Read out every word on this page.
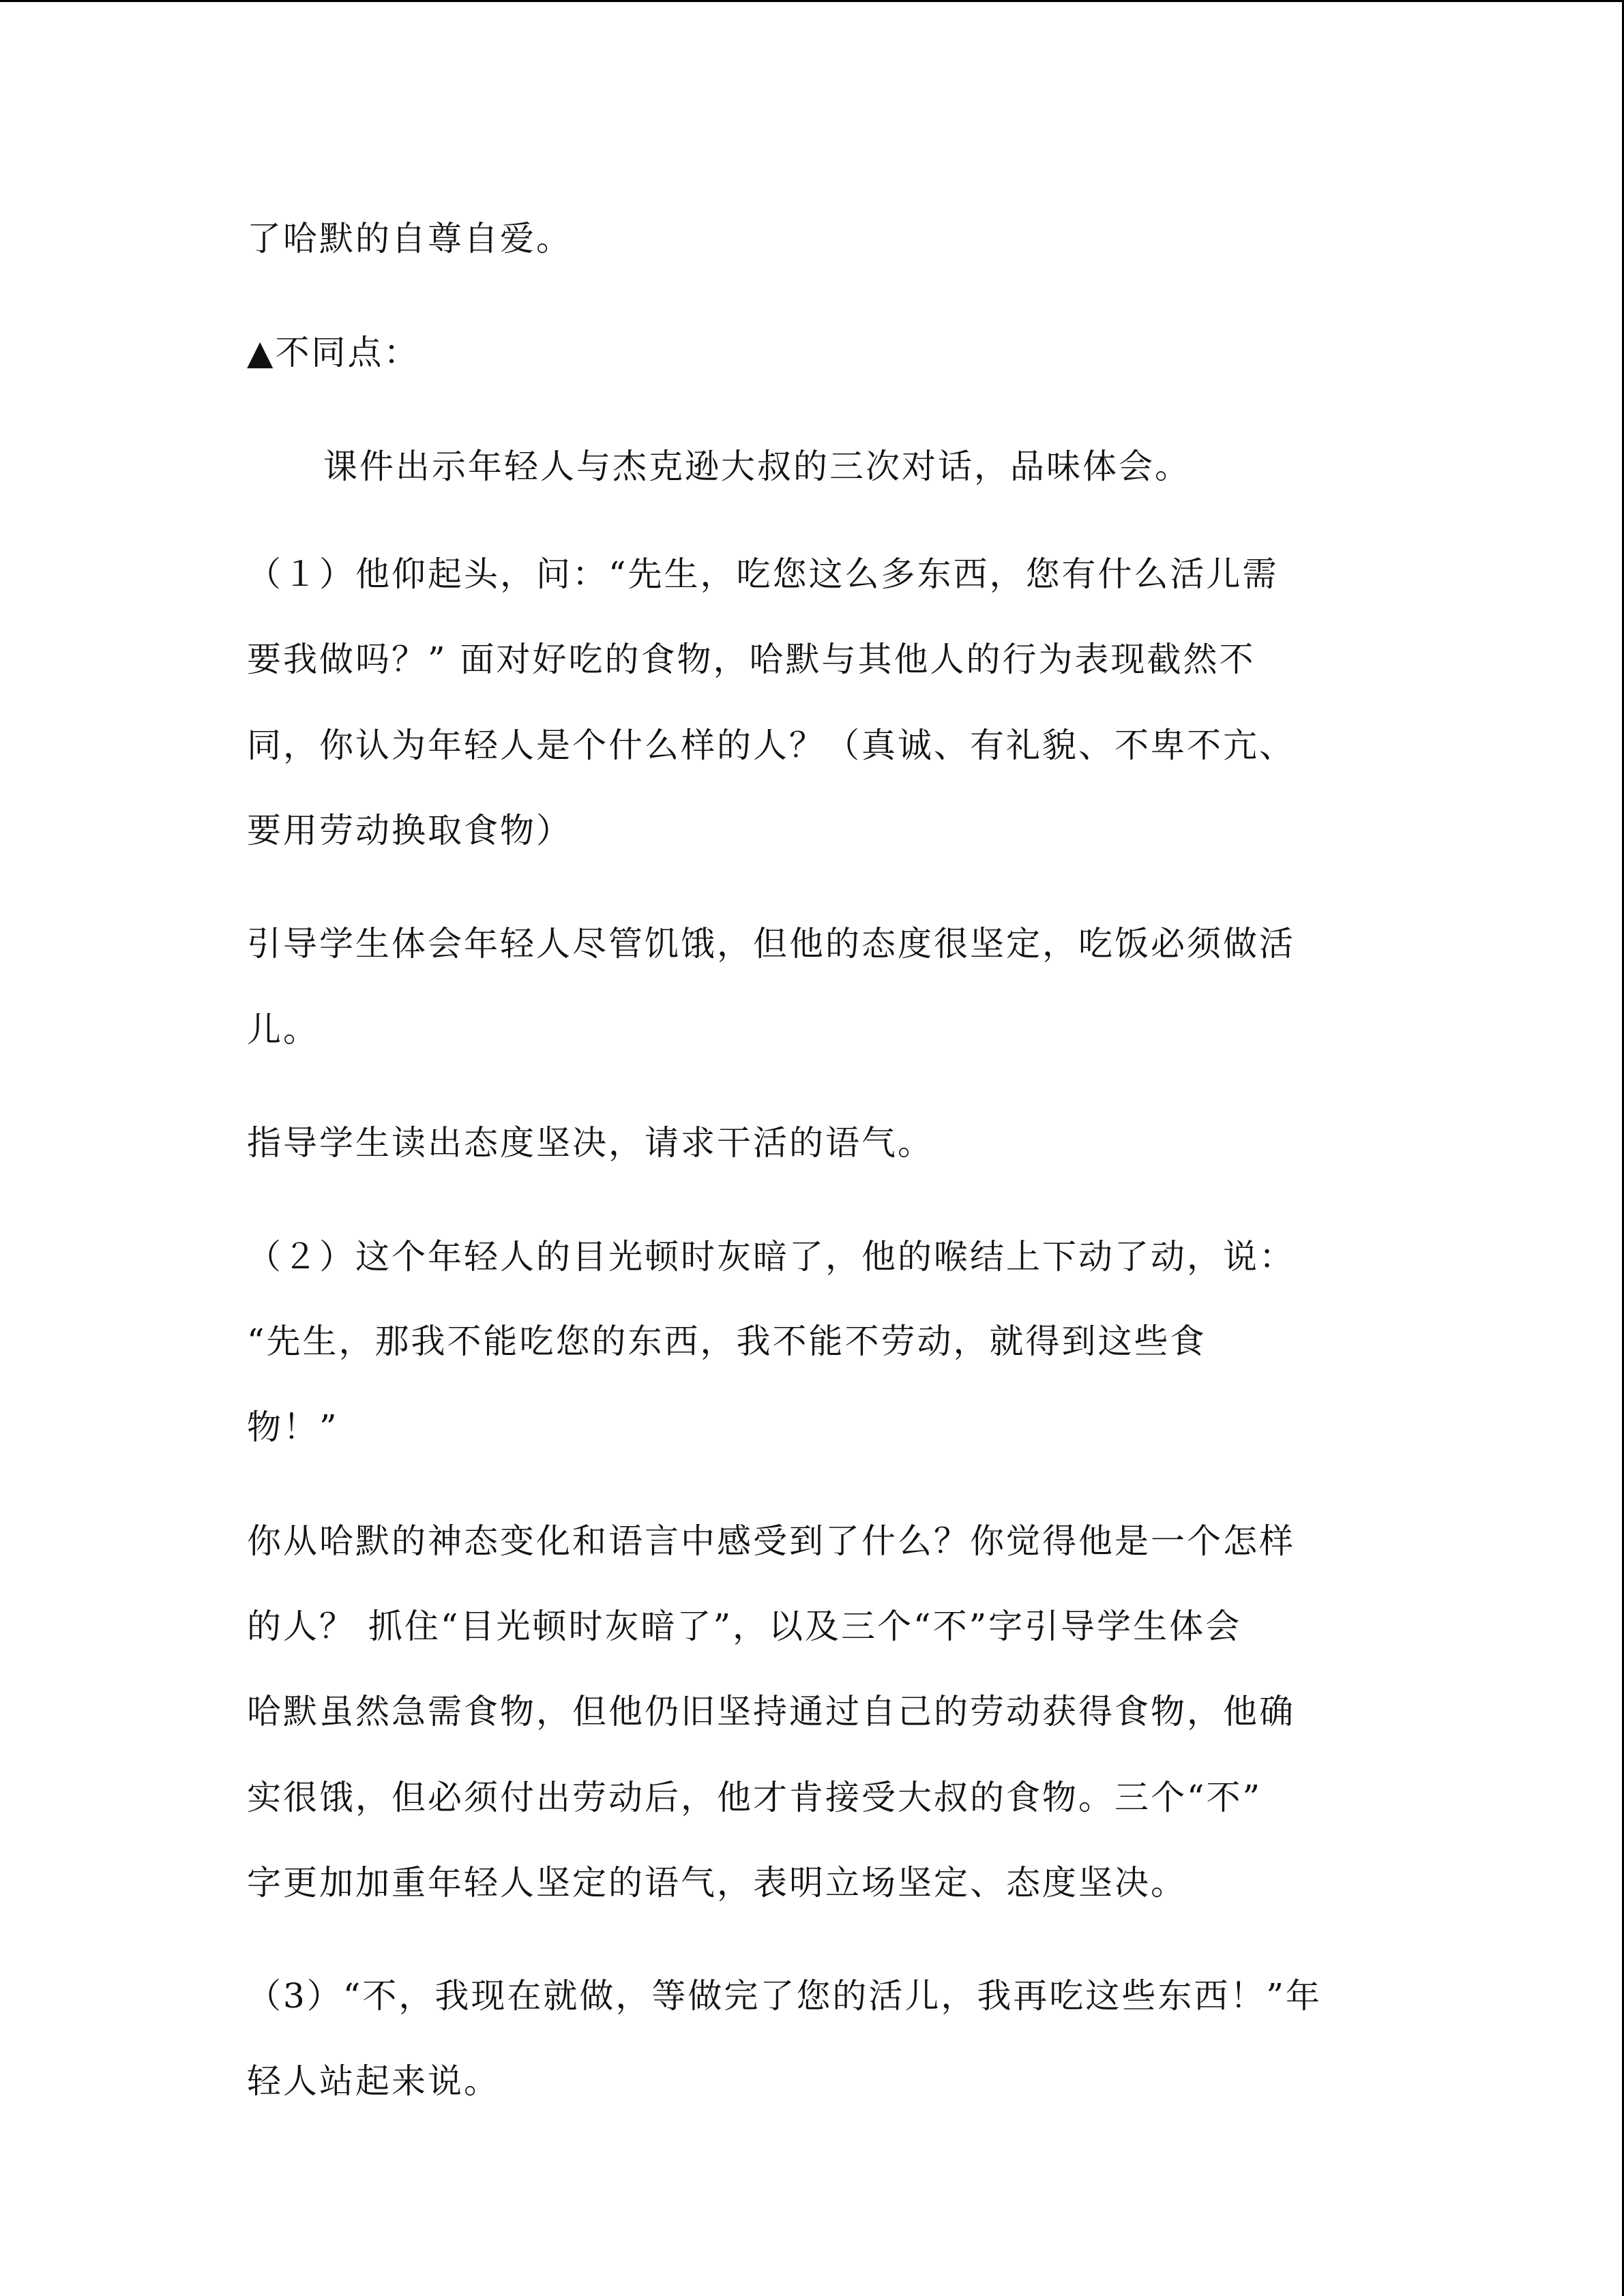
了哈默的自尊自爱。
▲不同点：
课件出示年轻人与杰克逊大叔的三次对话，品味体会。
（１）他仰起头，问：“先生，吃您这么多东西，您有什么活儿需
要我做吗？” 面对好吃的食物，哈默与其他人的行为表现截然不
同，你认为年轻人是个什么样的人？（真诚、有礼貌、不卑不亢、
要用劳动换取食物）
引导学生体会年轻人尽管饥饿，但他的态度很坚定，吃饭必须做活
儿。
指导学生读出态度坚决，请求干活的语气。
（２）这个年轻人的目光顿时灰暗了，他的喉结上下动了动，说：
“先生，那我不能吃您的东西，我不能不劳动，就得到这些食
物！”
你从哈默的神态变化和语言中感受到了什么？你觉得他是一个怎样
的人？ 抓住“目光顿时灰暗了”，以及三个“不”字引导学生体会
哈默虽然急需食物，但他仍旧坚持通过自己的劳动获得食物，他确
实很饿，但必须付出劳动后，他才肯接受大叔的食物。三个“不”
字更加加重年轻人坚定的语气，表明立场坚定、态度坚决。
（3）“不，我现在就做，等做完了您的活儿，我再吃这些东西！”年
轻人站起来说。
